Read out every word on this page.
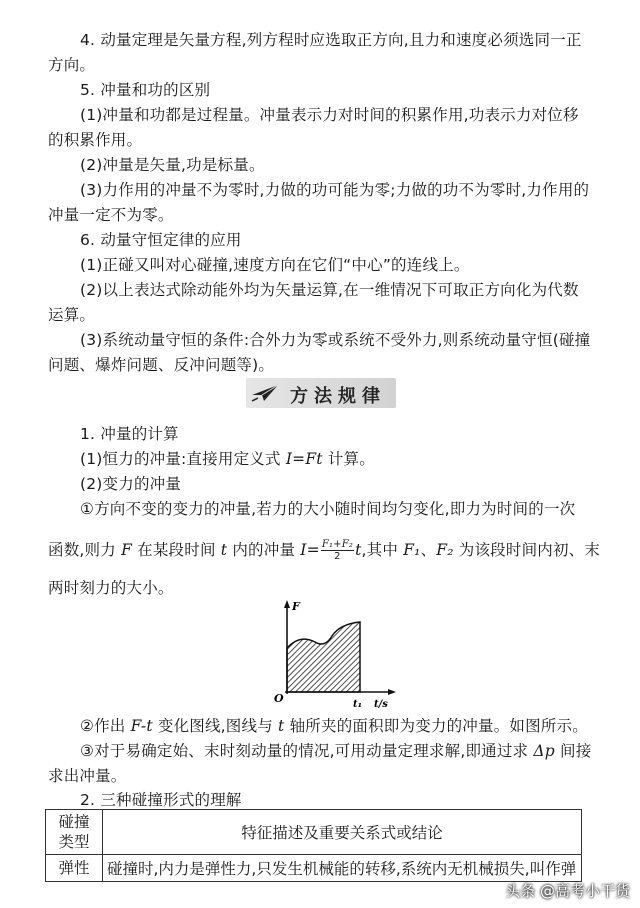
4. 动量定理是矢量方程,列方程时应选取正方向,且力和速度必须选同一正
方向。
5. 冲量和功的区别
(1)冲量和功都是过程量。冲量表示力对时间的积累作用,功表示力对位移
的积累作用。
(2)冲量是矢量,功是标量。
(3)力作用的冲量不为零时,力做的功可能为零;力做的功不为零时,力作用的
冲量一定不为零。
6. 动量守恒定律的应用
(1)正碰又叫对心碰撞,速度方向在它们“中心”的连线上。
(2)以上表达式除动能外均为矢量运算,在一维情况下可取正方向化为代数
运算。
(3)系统动量守恒的条件:合外力为零或系统不受外力,则系统动量守恒(碰撞
问题、爆炸问题、反冲问题等)。
方法规律
1. 冲量的计算
(1)恒力的冲量:直接用定义式 I=Ft 计算。
(2)变力的冲量
①方向不变的变力的冲量,若力的大小随时间均匀变化,即力为时间的一次
函数,则力 F 在某段时间 t 内的冲量 $I= \frac{\text{F₁+F₂}}{2} t$,其中 F₁、F₂ 为该段时间内初、末
两时刻力的大小。
F
O	t₁ t/s
②作出 F-t 变化图线,图线与 t 轴所夹的面积即为变力的冲量。如图所示。
③对于易确定始、末时刻动量的情况,可用动量定理求解,即通过求 Δp 间接
求出冲量。
2. 三种碰撞形式的理解
碰撞
类型	特征描述及重要关系式或结论
弹性	碰撞时,内力是弹性力,只发生机械能的转移,系统内无机械损失,叫作弹
头条 @高考小干货
